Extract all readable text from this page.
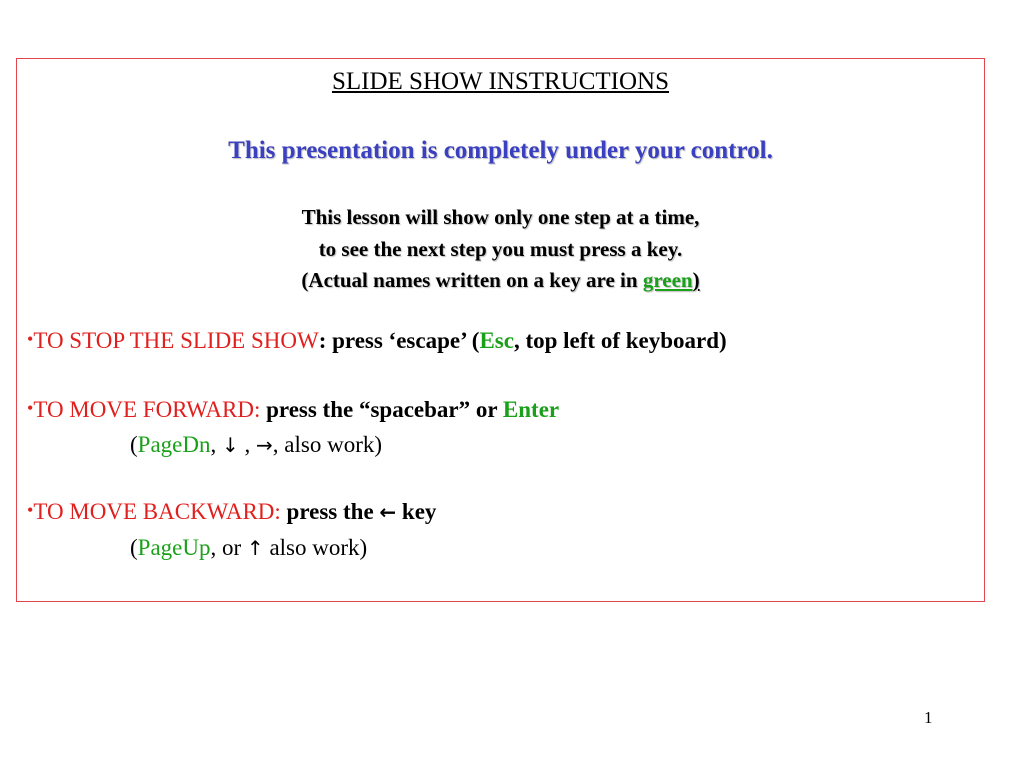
SLIDE SHOW INSTRUCTIONS
This presentation is completely under your control.
This lesson will show only one step at a time,
to see the next step you must press a key.
(Actual names written on a key are in green)
•TO STOP THE SLIDE SHOW: press ‘escape’ (Esc, top left of keyboard)
•TO MOVE FORWARD: press the “spacebar” or Enter
(PageDn, ↓ , →, also work)
•TO MOVE BACKWARD: press the ← key
(PageUp, or ↑ also work)
1
